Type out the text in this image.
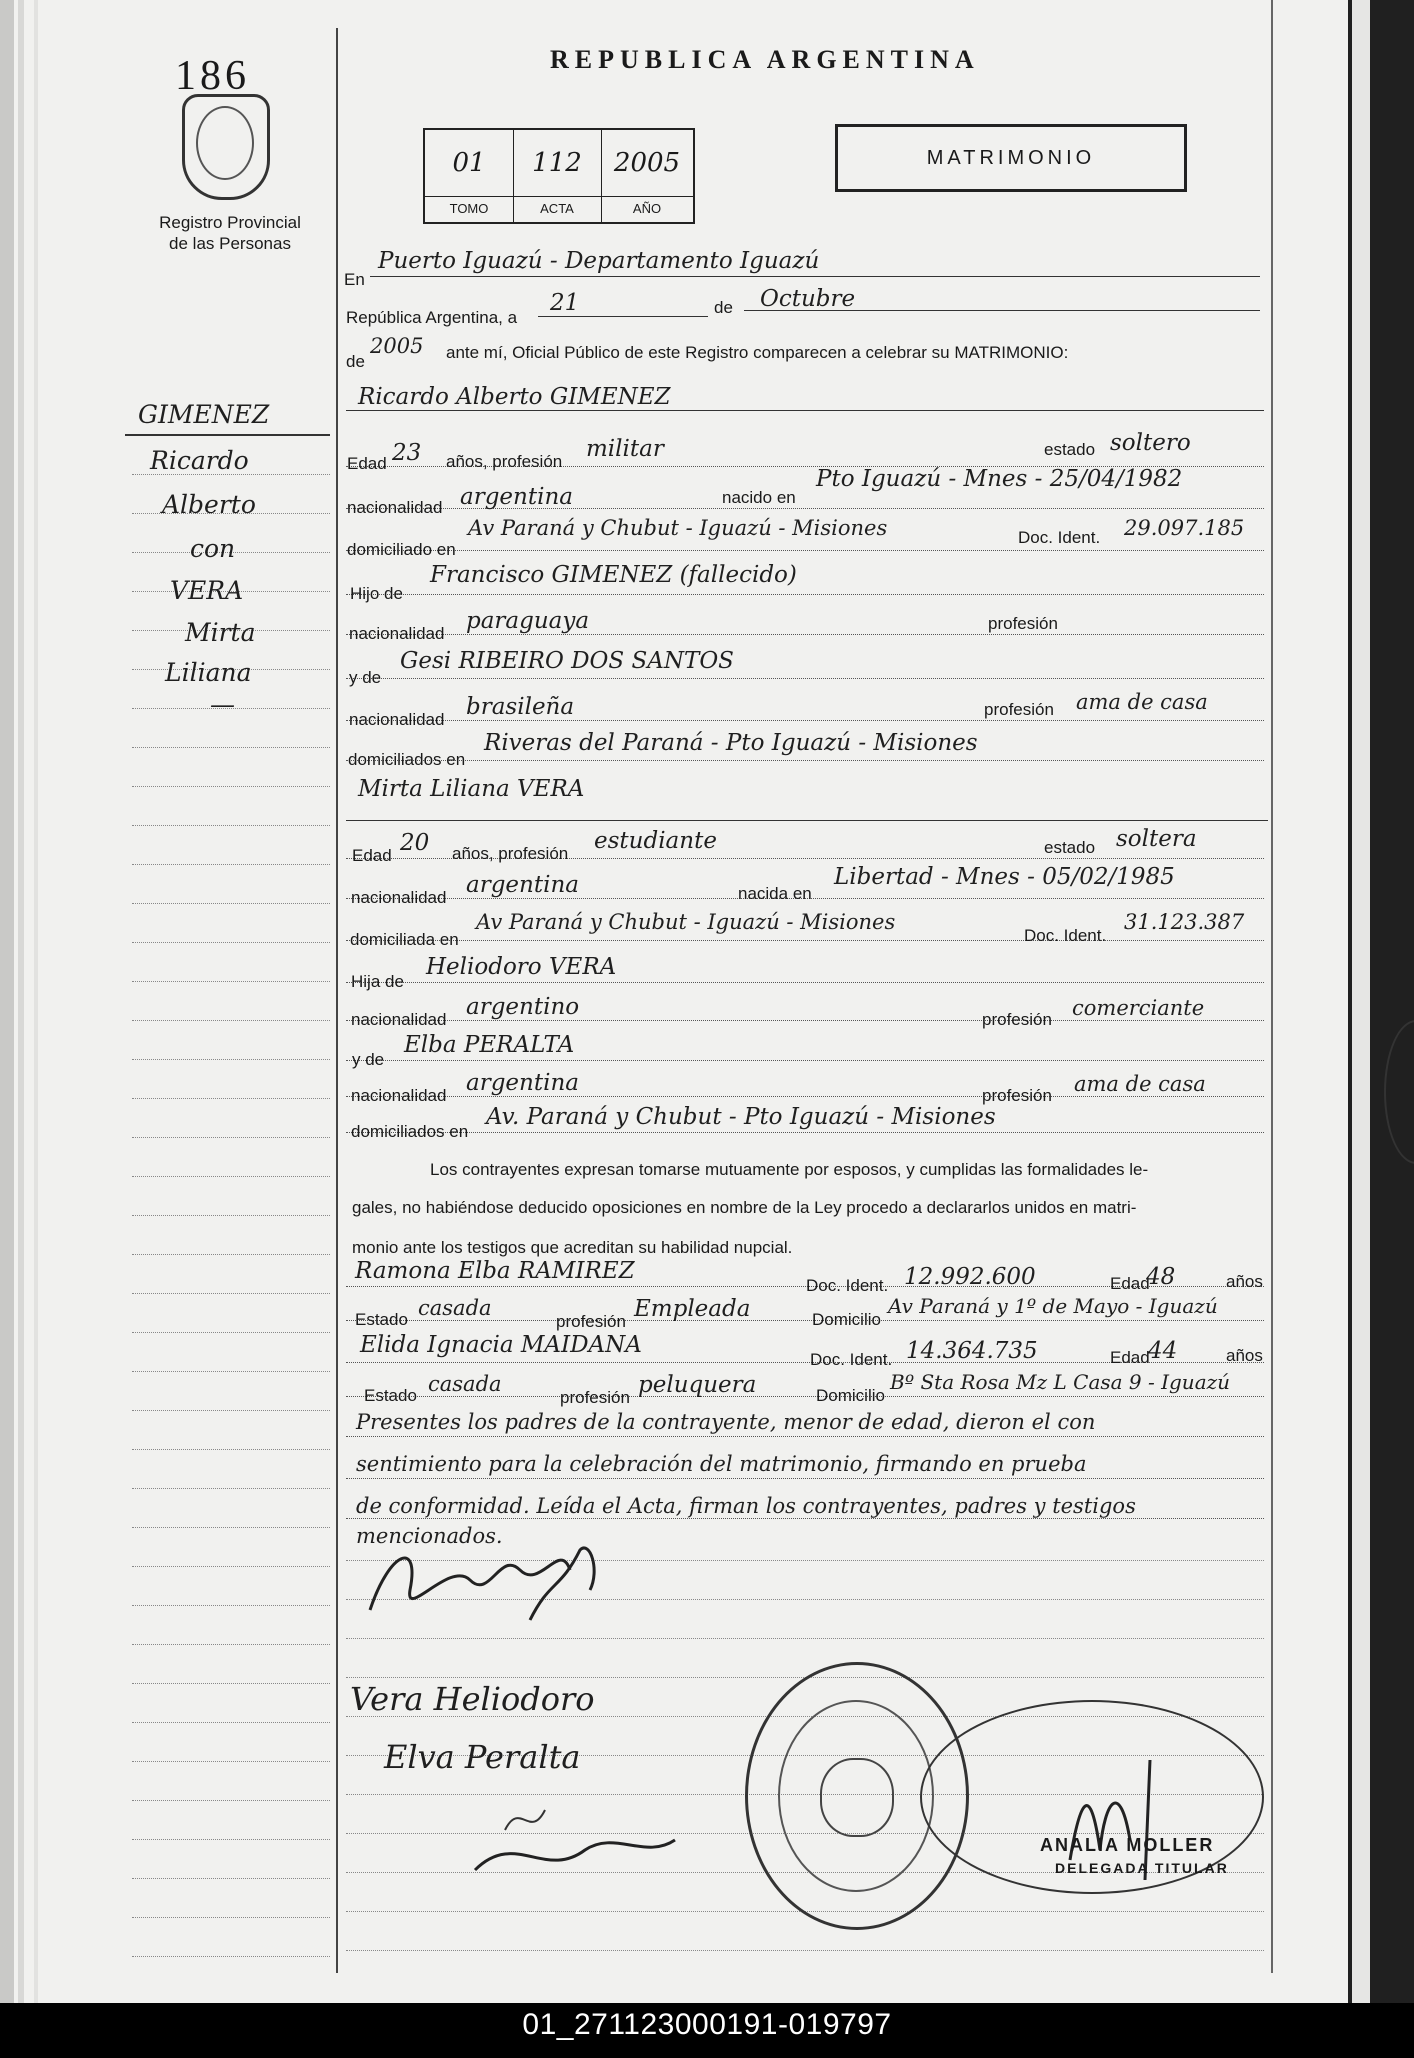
186
Registro Provincial
de las Personas
REPUBLICA ARGENTINA
01
TOMO
112
ACTA
2005
AÑO
MATRIMONIO
GIMENEZ
Ricardo
Alberto
con
VERA
Mirta
Liliana
—
En
Puerto Iguazú - Departamento Iguazú
República Argentina, a
21	de Octubre
de
2005 ante mí, Oficial Público de este Registro comparecen a celebrar su MATRIMONIO:
Ricardo Alberto GIMENEZ
Edad 23 años, profesión militar	estado soltero
nacionalidad argentina	nacido en
Pto Iguazú - Mnes - 25/04/1982
domiciliado en
Av Paraná y Chubut - Iguazú - Misiones	Doc. Ident. 29.097.185
Hijo de
Francisco GIMENEZ (fallecido)
nacionalidad paraguaya	profesión
y de
Gesi RIBEIRO DOS SANTOS
nacionalidad brasileña	profesión ama de casa
domiciliados en
Riveras del Paraná - Pto Iguazú - Misiones
Mirta Liliana VERA
Edad 20 años, profesión estudiante	estado soltera
nacionalidad argentina	nacida en
Libertad - Mnes - 05/02/1985
domiciliada en
Av Paraná y Chubut - Iguazú - Misiones
Doc. Ident.
31.123.387
Hija de
Heliodoro VERA
nacionalidad argentino	profesión comerciante
y de
Elba PERALTA
nacionalidad argentina	profesión ama de casa
domiciliados en
Av. Paraná y Chubut - Pto Iguazú - Misiones
Los contrayentes expresan tomarse mutuamente por esposos, y cumplidas las formalidades le-
gales, no habiéndose deducido oposiciones en nombre de la Ley procedo a declararlos unidos en matri-
monio ante los testigos que acreditan su habilidad nupcial.
Ramona Elba RAMIREZ
Doc. Ident. 12.992.600	Edad
48	años
Estado casada
profesión Empleada	Domicilio
Av Paraná y 1º de Mayo - Iguazú
Elida Ignacia MAIDANA
Doc. Ident. 14.364.735	Edad
44	años
Estado casada
profesión peluquera	Domicilio
Bº Sta Rosa Mz L Casa 9 - Iguazú
Presentes los padres de la contrayente, menor de edad, dieron el con
sentimiento para la celebración del matrimonio, firmando en prueba
de conformidad. Leída el Acta, firman los contrayentes, padres y testigos
mencionados.
Vera Heliodoro
Elva Peralta
ANALIA MOLLER
DELEGADA TITULAR
01_271123000191-019797
